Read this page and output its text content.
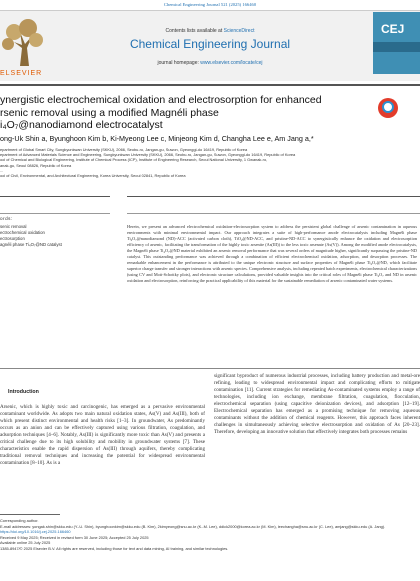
Chemical Engineering Journal 521 (2025) 166460
ELSEVIER
Contents lists available at ScienceDirect
Chemical Engineering Journal
journal homepage: www.elsevier.com/locate/cej
CEJ
ynergistic electrochemical oxidation and electrosorption for enhanced
rsenic removal using a modified Magnéli phase
i₄O₇@nanodiamond electrocatalyst
ong-Uk Shin a, Byunghoon Kim b, Ki-Myeong Lee c, Minjeong Kim d, Changha Lee e, Am Jang a,*
epartment of Global Smart City, Sungkyunkwan University (SKKU), 2066, Seobu-ro, Jangan-gu, Suwon, Gyeonggi-do 16419, Republic of Korea
epartment of Advanced Materials Science and Engineering, Sungkyunkwan University (SKKU), 2066, Seobu-ro, Jangan-gu, Suwon, Gyeonggi-do 16419, Republic of Korea
ool of Chemical and Biological Engineering, Institute of Chemical Process (ICP), Institute of Engineering Research, Seoul National University, 1 Gwanak-ro,
anak-gu, Seoul 08826, Republic of Korea
...
ool of Civil, Environmental, and Architectural Engineering, Korea University, Seoul 02841, Republic of Korea
ords:
senic removal
ectrochemical oxidation
ectrosorption
agnéli phase Ti₄O₇@ND catalyst
Herein, we present an advanced electrochemical oxidation-electrosorption system to address the persistent global challenge of arsenic contamination in aqueous environments with minimal environmental impact. Our approach integrates a suite of high-performance anode electrocatalysts including Magnéli phase Ti₄O₇@nanodiamond (ND)-ACC (activated carbon cloth), TiO₂@ND-ACC, and pristine-ND-ACC to synergistically enhance the oxidation and electrosorption efficiency of arsenic, facilitating the transformation of the highly toxic arsenite (As(III)) to the less toxic arsenate (As(V)). Among the modified anode electrocatalysts, the Magnéli phase Ti₄O₇@ND material exhibited an arsenic removal performance that was several orders of magnitude higher, significantly surpassing the pristine-ND catalyst. This outstanding performance was achieved through a combination of efficient electrochemical oxidation, adsorption, and desorption processes. The remarkable enhancement in the performance is attributed to the unique electronic structure and surface properties of Magnéli phase Ti₄O₇@ND, which facilitate superior charge transfer and stronger interactions with arsenic species. Comprehensive analysis, including repeated batch experiments, electrochemical characterizations (using CV and Mott-Schottky plots), and electronic structure calculations, provided valuable insights into the critical roles of Magnéli phase Ti₄O₇ and ND in arsenic oxidation and electrosorption, reinforcing the practical applicability of this material for the sustainable remediation of arsenic contaminated water systems.
Introduction
Arsenic, which is highly toxic and carcinogenic, has emerged as a pervasive environmental contaminant worldwide. As adopts two main natural oxidation states, As(V) and As(III), both of which present distinct environmental and health risks [1–3]. In groundwater, As predominantly occurs as an anion and can be effectively captured using various filtration, coagulation, and adsorption techniques [4–6]. Notably, As(III) is significantly more toxic than As(V) and presents a critical challenge due to its high solubility and mobility in groundwater systems [7]. These characteristics enable the rapid dispersion of As(III) through aquifers, thereby complicating traditional removal techniques and increasing the potential for widespread environmental contamination [8–10]. As is a
significant byproduct of numerous industrial processes, including battery production and metal-ore refining, leading to widespread environmental impact and complicating efforts to mitigate contamination [11]. Current strategies for remediating As-contaminated systems employ a range of technologies, including ion exchange, membrane filtration, coagulation, flocculation, electrochemical separation (using capacitive deionization devices), and adsorption [12–19]. Electrochemical separation has emerged as a promising technique for removing aqueous contaminants without the addition of chemical reagents. However, this approach faces inherent challenges in simultaneously achieving selective electrosorption and oxidation of As [20–23]. Therefore, developing an innovative solution that effectively integrates both processes remains
Corresponding author.
E-mail addresses: yongak.shin@skku.edu (Y.-U. Shin), byunghoonkim@skku.edu (B. Kim), 2kimyeong@snu.ac.kr (K.-M. Lee), ddick2000@korea.ac.kr (M. Kim), leechangha@snu.ac.kr (C. Lee), amjang@skku.edu (A. Jang).
https://doi.org/10.1016/j.cej.2025.166460
Received 9 May 2025; Received in revised form 30 June 2025; Accepted 25 July 2025
Available online 25 July 2025
1385-8947/© 2025 Elsevier B.V. All rights are reserved, including those for text and data mining, AI training, and similar technologies.
